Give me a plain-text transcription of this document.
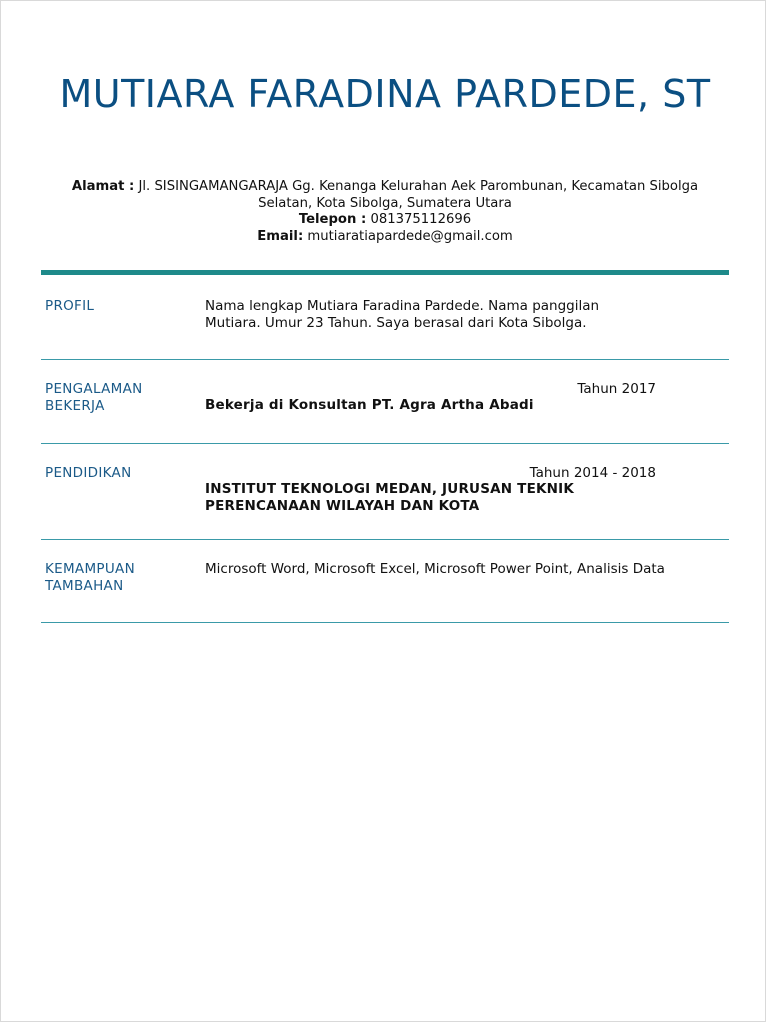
MUTIARA FARADINA PARDEDE, ST
Alamat : Jl. SISINGAMANGARAJA Gg. Kenanga Kelurahan Aek Parombunan, Kecamatan Sibolga Selatan, Kota Sibolga, Sumatera Utara
Telepon : 081375112696
Email: mutiaratiapardede@gmail.com
PROFIL	Nama lengkap Mutiara Faradina Pardede. Nama panggilan Mutiara. Umur 23 Tahun. Saya berasal dari Kota Sibolga.
PENGALAMAN BEKERJA
Tahun 2017
Bekerja di Konsultan PT. Agra Artha Abadi
PENDIDIKAN	Tahun 2014 - 2018
INSTITUT TEKNOLOGI MEDAN, JURUSAN TEKNIK PERENCANAAN WILAYAH DAN KOTA
KEMAMPUAN TAMBAHAN
Microsoft Word, Microsoft Excel, Microsoft Power Point, Analisis Data
